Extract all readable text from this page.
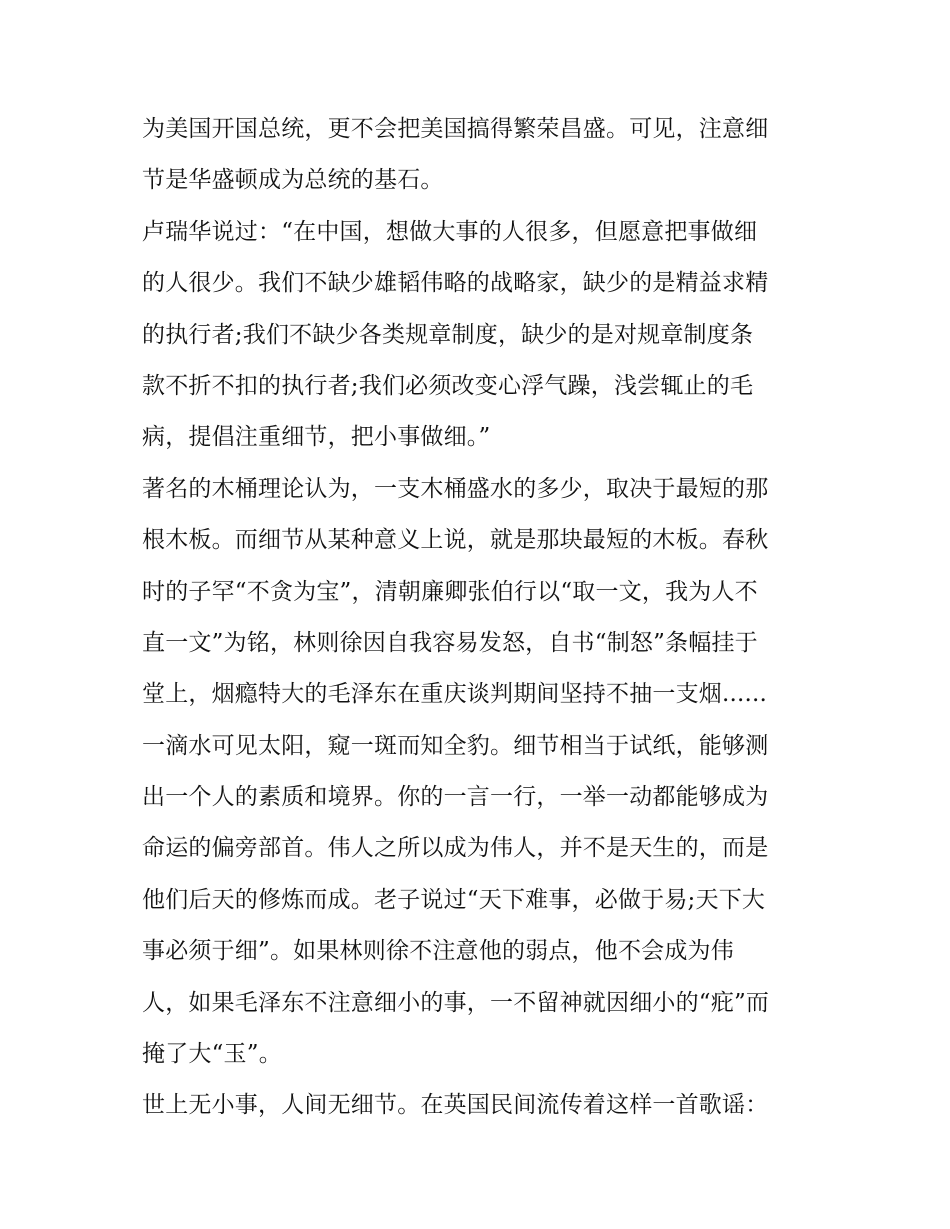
为美国开国总统，更不会把美国搞得繁荣昌盛。可见，注意细
节是华盛顿成为总统的基石。
卢瑞华说过：“在中国，想做大事的人很多，但愿意把事做细
的人很少。我们不缺少雄韬伟略的战略家，缺少的是精益求精
的执行者;我们不缺少各类规章制度，缺少的是对规章制度条
款不折不扣的执行者;我们必须改变心浮气躁，浅尝辄止的毛
病，提倡注重细节，把小事做细。”
著名的木桶理论认为，一支木桶盛水的多少，取决于最短的那
根木板。而细节从某种意义上说，就是那块最短的木板。春秋
时的子罕“不贪为宝”，清朝廉卿张伯行以“取一文，我为人不
直一文”为铭，林则徐因自我容易发怒，自书“制怒”条幅挂于
堂上，烟瘾特大的毛泽东在重庆谈判期间坚持不抽一支烟......
一滴水可见太阳，窥一斑而知全豹。细节相当于试纸，能够测
出一个人的素质和境界。你的一言一行，一举一动都能够成为
命运的偏旁部首。伟人之所以成为伟人，并不是天生的，而是
他们后天的修炼而成。老子说过“天下难事，必做于易;天下大
事必须于细”。如果林则徐不注意他的弱点，他不会成为伟
人，如果毛泽东不注意细小的事，一不留神就因细小的“疪”而
掩了大“玉”。
世上无小事，人间无细节。在英国民间流传着这样一首歌谣：
